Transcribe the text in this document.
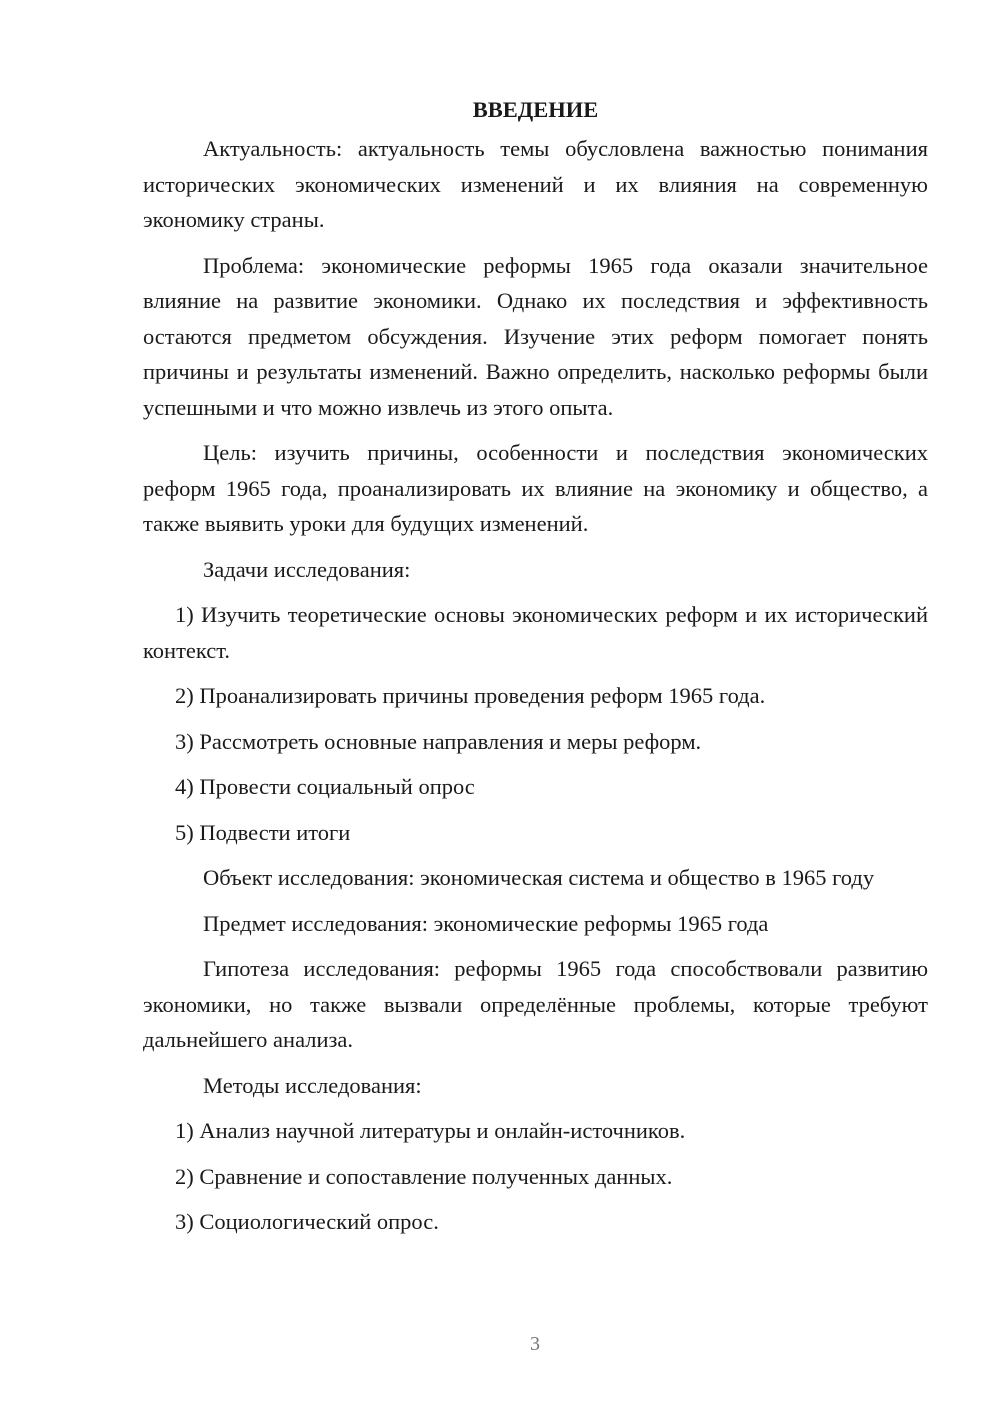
ВВЕДЕНИЕ

Актуальность: актуальность темы обусловлена важностью понимания исторических экономических изменений и их влияния на современную экономику страны.

Проблема: экономические реформы 1965 года оказали значительное влияние на развитие экономики. Однако их последствия и эффективность остаются предметом обсуждения. Изучение этих реформ помогает понять причины и результаты изменений. Важно определить, насколько реформы были успешными и что можно извлечь из этого опыта.

Цель: изучить причины, особенности и последствия экономических реформ 1965 года, проанализировать их влияние на экономику и общество, а также выявить уроки для будущих изменений.

Задачи исследования:

1) Изучить теоретические основы экономических реформ и их исторический контекст.

2) Проанализировать причины проведения реформ 1965 года.

3) Рассмотреть основные направления и меры реформ.

4) Провести социальный опрос

5) Подвести итоги

Объект исследования: экономическая система и общество в 1965 году

Предмет исследования: экономические реформы 1965 года

Гипотеза исследования: реформы 1965 года способствовали развитию экономики, но также вызвали определённые проблемы, которые требуют дальнейшего анализа.

Методы исследования:

1) Анализ научной литературы и онлайн-источников.

2) Сравнение и сопоставление полученных данных.

3) Социологический опрос.

3
